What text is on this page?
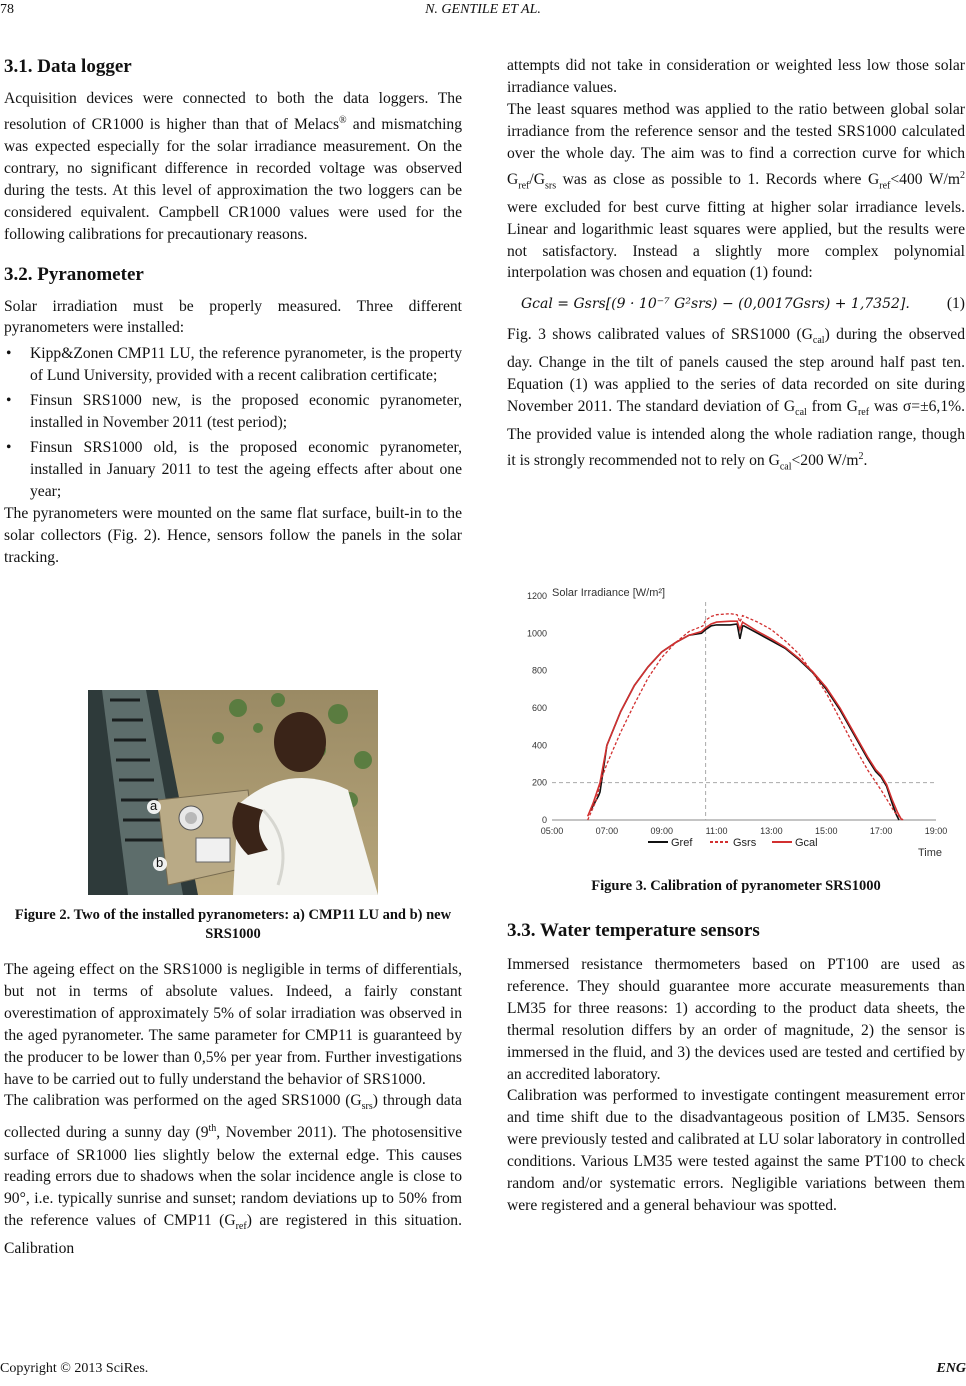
78	N. GENTILE ET AL.
3.1. Data logger

Acquisition devices were connected to both the data loggers. The resolution of CR1000 is higher than that of Melacs® and mismatching was expected especially for the solar irradiance measurement. On the contrary, no significant difference in recorded voltage was observed during the tests. At this level of approximation the two loggers can be considered equivalent. Campbell CR1000 values were used for the following calibrations for precautionary reasons.

3.2. Pyranometer

Solar irradiation must be properly measured. Three different pyranometers were installed:

• Kipp&Zonen CMP11 LU, the reference pyranometer, is the property of Lund University, provided with a recent calibration certificate;
• Finsun SRS1000 new, is the proposed economic pyranometer, installed in November 2011 (test period);
• Finsun SRS1000 old, is the proposed economic pyranometer, installed in January 2011 to test the ageing effects after about one year;

The pyranometers were mounted on the same flat surface, built-in to the solar collectors (Fig. 2). Hence, sensors follow the panels in the solar tracking.

a
b
Figure 2. Two of the installed pyranometers: a) CMP11 LU and b) new SRS1000

The ageing effect on the SRS1000 is negligible in terms of differentials, but not in terms of absolute values. Indeed, a fairly constant overestimation of approximately 5% of solar irradiation was observed in the aged pyranometer. The same parameter for CMP11 is guaranteed by the producer to be lower than 0,5% per year from. Further investigations have to be carried out to fully understand the behavior of SRS1000.

The calibration was performed on the aged SRS1000 $(G_{srs})$ through data collected during a sunny day (9th, November 2011). The photosensitive surface of SR1000 lies slightly below the external edge. This causes reading errors due to shadows when the solar incidence angle is close to 90°, i.e. typically sunrise and sunset; random deviations up to 50% from the reference values of CMP11 $(G_{ref})$ are registered in this situation. Calibration

attempts did not take in consideration or weighted less low those solar irradiance values.

The least squares method was applied to the ratio between global solar irradiance from the reference sensor and the tested SRS1000 calculated over the whole day. The aim was to find a correction curve for which $G_{ref}/G_{srs}$ was as close as possible to 1. Records where $G_{ref}<400$ $W/m^2$ were excluded for best curve fitting at higher solar irradiance levels. Linear and logarithmic least squares were applied, but the results were not satisfactory. Instead a slightly more complex polynomial interpolation was chosen and equation (1) found:

Gcal = Gsrs[(9 · 10⁻⁷ G²srs) − (0,0017Gsrs) + 1,7352]. (1)

Fig. 3 shows calibrated values of SRS1000 $(G_{cal})$ during the observed day. Change in the tilt of panels caused the step around half past ten. Equation (1) was applied to the series of data recorded on site during November 2011. The standard deviation of $G_{cal}$ from $G_{ref}$ was σ=±6,1%. The provided value is intended along the whole radiation range, though it is strongly recommended not to rely on $G_{cal}<200$ $W/m^2$.

Solar Irradiance [W/m²]
0
200
400
600
800
1000
1200
05:00	07:00	09:00	11:00	13:00	15:00	17:00	19:00
Time
Gref	Gsrs	Gcal
Figure 3. Calibration of pyranometer SRS1000
3.3. Water temperature sensors

Immersed resistance thermometers based on PT100 are used as reference. They should guarantee more accurate measurements than LM35 for three reasons: 1) according to the product data sheets, the thermal resolution differs by an order of magnitude, 2) the sensor is immersed in the fluid, and 3) the devices used are tested and certified by an accredited laboratory.

Calibration was performed to investigate contingent measurement error and time shift due to the disadvantageous position of LM35. Sensors were previously tested and calibrated at LU solar laboratory in controlled conditions. Various LM35 were tested against the same PT100 to check random and/or systematic errors. Negligible variations between them were registered and a general behaviour was spotted.

Copyright © 2013 SciRes.	ENG
